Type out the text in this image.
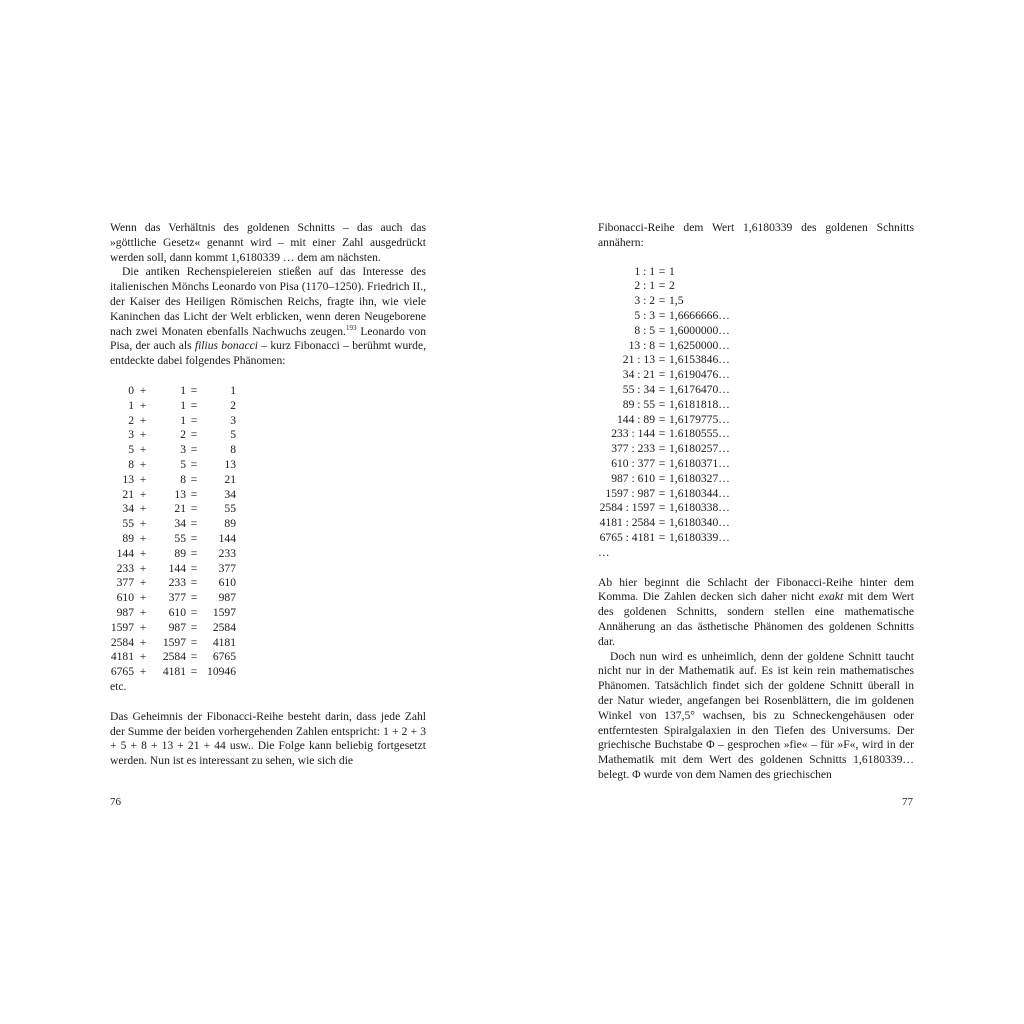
Wenn das Verhältnis des goldenen Schnitts – das auch das »göttliche Gesetz« genannt wird – mit einer Zahl ausgedrückt werden soll, dann kommt 1,6180339 … dem am nächsten.

Die antiken Rechenspielereien stießen auf das Interesse des italienischen Mönchs Leonardo von Pisa (1170–1250). Friedrich II., der Kaiser des Heiligen Römischen Reichs, fragte ihn, wie viele Kaninchen das Licht der Welt erblicken, wenn deren Neugeborene nach zwei Monaten ebenfalls Nachwuchs zeugen.$^{193}$ Leonardo von Pisa, der auch als filius bonacci – kurz Fibonacci – berühmt wurde, entdeckte dabei folgendes Phänomen:

0 +	1 =	1
1 +	1 =	2
2 +	1 =	3
3 +	2 =	5
5 +	3 =	8
8 +	5 =	13
13 +	8 =	21
21 +	13 =	34
34 +	21 =	55
55 +	34 =	89
89 +	55 =	144
144 +	89 =	233
233 +	144 =	377
377 +	233 =	610
610 +	377 =	987
987 +	610 =	1597
1597 +	987 =	2584
2584 +	1597 =	4181
4181 +	2584 =	6765
6765 +	4181 = 10946

etc.

Das Geheimnis der Fibonacci-Reihe besteht darin, dass jede Zahl der Summe der beiden vorhergehenden Zahlen entspricht: 1 + 2 + 3 + 5 + 8 + 13 + 21 + 44 usw.. Die Folge kann beliebig fortgesetzt werden. Nun ist es interessant zu sehen, wie sich die

Fibonacci-Reihe dem Wert 1,6180339 des goldenen Schnitts annähern:

1 : 1 = 1
2 : 1 = 2
3 : 2 = 1,5
5 : 3 = 1,6666666…
8 : 5 = 1,6000000…
13 : 8 = 1,6250000…
21 : 13 = 1,6153846…
34 : 21 = 1,6190476…
55 : 34 = 1,6176470…
89 : 55 = 1,6181818…
144 : 89 = 1,6179775…
233 : 144 = 1.6180555…
377 : 233 = 1,6180257…
610 : 377 = 1,6180371…
987 : 610 = 1,6180327…
1597 : 987 = 1,6180344…
2584 : 1597 = 1,6180338…
4181 : 2584 = 1,6180340…
6765 : 4181 = 1,6180339…

…

Ab hier beginnt die Schlacht der Fibonacci-Reihe hinter dem Komma. Die Zahlen decken sich daher nicht exakt mit dem Wert des goldenen Schnitts, sondern stellen eine mathematische Annäherung an das ästhetische Phänomen des goldenen Schnitts dar.

Doch nun wird es unheimlich, denn der goldene Schnitt taucht nicht nur in der Mathematik auf. Es ist kein rein mathematisches Phänomen. Tatsächlich findet sich der goldene Schnitt überall in der Natur wieder, angefangen bei Rosenblättern, die im goldenen Winkel von 137,5° wachsen, bis zu Schneckengehäusen oder entferntesten Spiralgalaxien in den Tiefen des Universums. Der griechische Buchstabe Φ – gesprochen »fie« – für »F«, wird in der Mathematik mit dem Wert des goldenen Schnitts 1,6180339… belegt. Φ wurde von dem Namen des griechischen

76	77
